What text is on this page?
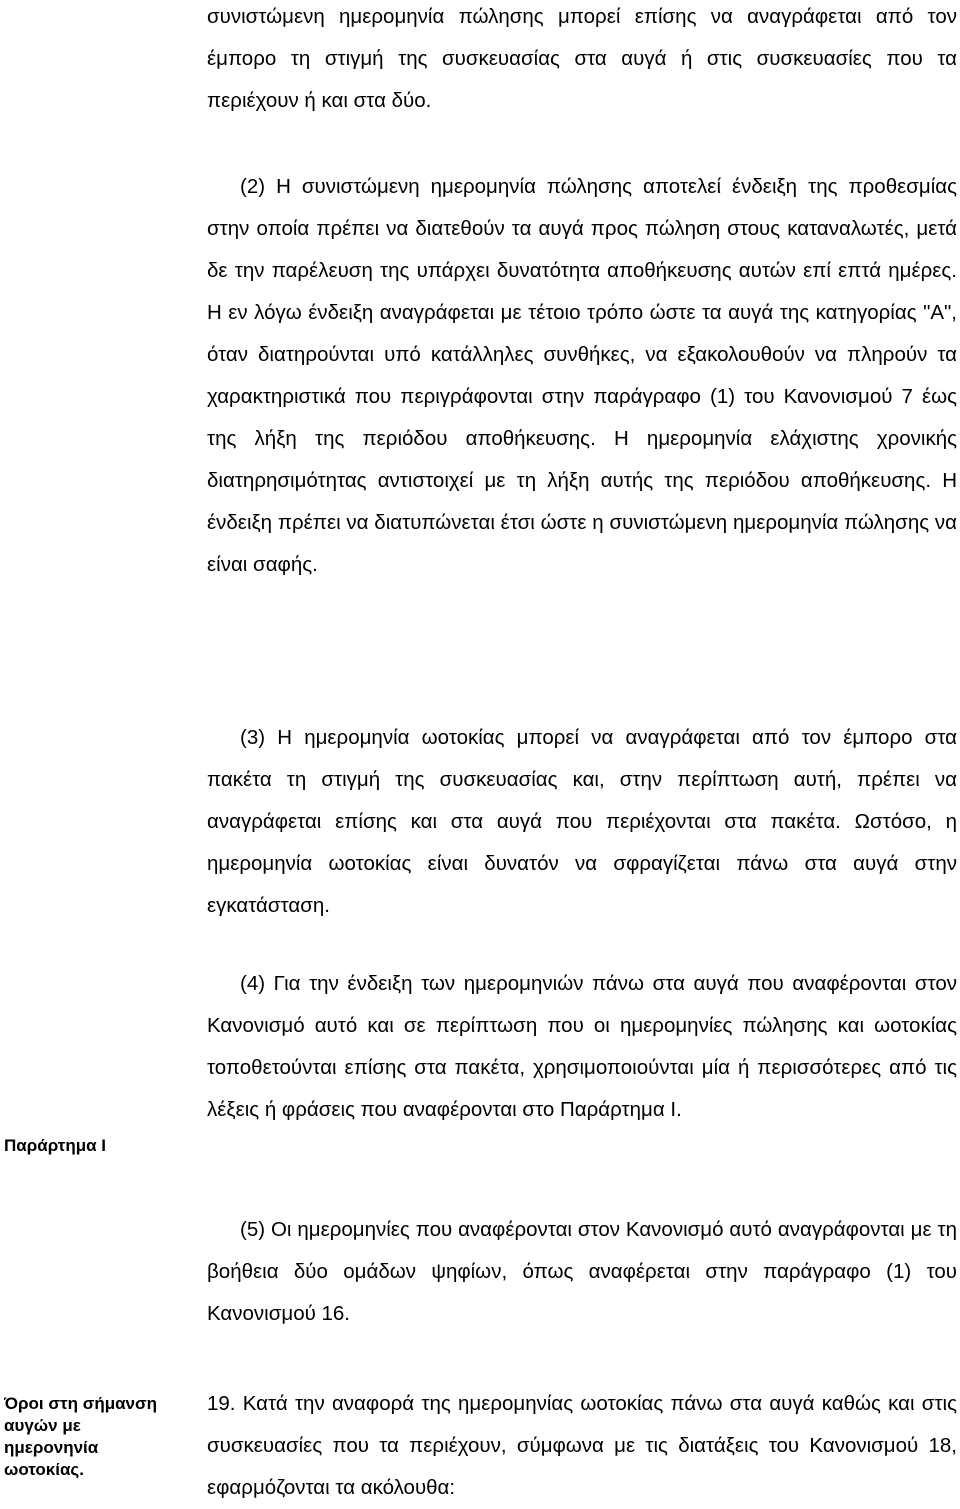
συνιστώμενη ημερομηνία πώλησης μπορεί επίσης να αναγράφεται από τον έμπορο τη στιγμή της συσκευασίας στα αυγά ή στις συσκευασίες που τα περιέχουν ή και στα δύο.

(2) Η συνιστώμενη ημερομηνία πώλησης αποτελεί ένδειξη της προθεσμίας στην οποία πρέπει να διατεθούν τα αυγά προς πώληση στους καταναλωτές, μετά δε την παρέλευση της υπάρχει δυνατότητα αποθήκευσης αυτών επί επτά ημέρες. Η εν λόγω ένδειξη αναγράφεται με τέτοιο τρόπο ώστε τα αυγά της κατηγορίας "Α", όταν διατηρούνται υπό κατάλληλες συνθήκες, να εξακολουθούν να πληρούν τα χαρακτηριστικά που περιγράφονται στην παράγραφο (1) του Κανονισμού 7 έως της λήξη της περιόδου αποθήκευσης. Η ημερομηνία ελάχιστης χρονικής διατηρησιμότητας αντιστοιχεί με τη λήξη αυτής της περιόδου αποθήκευσης. Η ένδειξη πρέπει να διατυπώνεται έτσι ώστε η συνιστώμενη ημερομηνία πώλησης να είναι σαφής.

(3) Η ημερομηνία ωοτοκίας μπορεί να αναγράφεται από τον έμπορο στα πακέτα τη στιγμή της συσκευασίας και, στην περίπτωση αυτή, πρέπει να αναγράφεται επίσης και στα αυγά που περιέχονται στα πακέτα. Ωστόσο, η ημερομηνία ωοτοκίας είναι δυνατόν να σφραγίζεται πάνω στα αυγά στην εγκατάσταση.

(4) Για την ένδειξη των ημερομηνιών πάνω στα αυγά που αναφέρονται στον Κανονισμό αυτό και σε περίπτωση που οι ημερομηνίες πώλησης και ωοτοκίας τοποθετούνται επίσης στα πακέτα, χρησιμοποιούνται μία ή περισσότερες από τις λέξεις ή φράσεις που αναφέρονται στο Παράρτημα Ι.

Παράρτημα Ι

(5) Οι ημερομηνίες που αναφέρονται στον Κανονισμό αυτό αναγράφονται με τη βοήθεια δύο ομάδων ψηφίων, όπως αναφέρεται στην παράγραφο (1) του Κανονισμού 16.

Όροι στη σήμανση αυγών με ημερονηνία ωοτοκίας.

19. Κατά την αναφορά της ημερομηνίας ωοτοκίας πάνω στα αυγά καθώς και στις συσκευασίες που τα περιέχουν, σύμφωνα με τις διατάξεις του Κανονισμού 18, εφαρμόζονται τα ακόλουθα:
